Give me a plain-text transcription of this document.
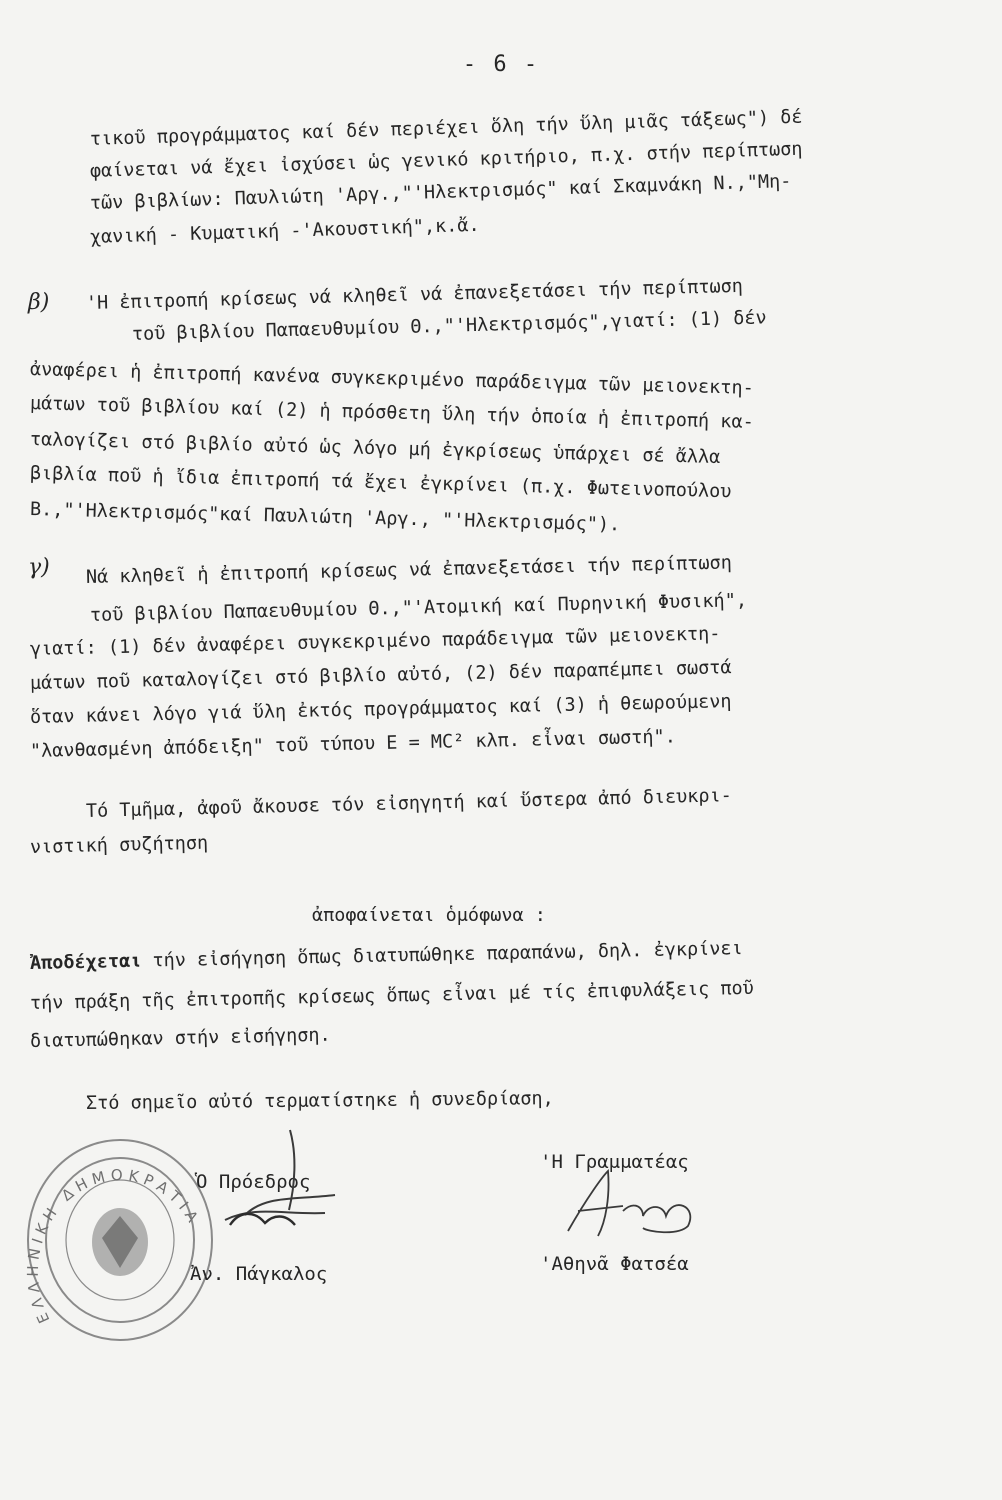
- 6 -
τικοῦ προγράμματος καί δέν περιέχει ὅλη τήν ὕλη μιᾶς τάξεως") δέ
φαίνεται νά ἔχει ἰσχύσει ὡς γενικό κριτήριο, π.χ. στήν περίπτωση
τῶν βιβλίων: Παυλιώτη 'Αργ.,"'Ηλεκτρισμός" καί Σκαμνάκη Ν.,"Μη-
χανική - Κυματική -'Ακουστική",κ.ἄ.
β) 'Η ἐπιτροπή κρίσεως νά κληθεῖ νά ἐπανεξετάσει τήν περίπτωση
τοῦ βιβλίου Παπαευθυμίου Θ.,"'Ηλεκτρισμός",γιατί: (1) δέν
ἀναφέρει ἡ ἐπιτροπή κανένα συγκεκριμένο παράδειγμα τῶν μειονεκτη-
μάτων τοῦ βιβλίου καί (2) ἡ πρόσθετη ὕλη τήν ὁποία ἡ ἐπιτροπή κα-
ταλογίζει στό βιβλίο αὐτό ὡς λόγο μή ἐγκρίσεως ὑπάρχει σέ ἄλλα
βιβλία ποῦ ἡ ἴδια ἐπιτροπή τά ἔχει ἐγκρίνει (π.χ. Φωτεινοπούλου
Β.,"'Ηλεκτρισμός"καί Παυλιώτη 'Αργ., "'Ηλεκτρισμός").
γ) Νά κληθεῖ ἡ ἐπιτροπή κρίσεως νά ἐπανεξετάσει τήν περίπτωση
τοῦ βιβλίου Παπαευθυμίου Θ.,"'Ατομική καί Πυρηνική Φυσική",
γιατί: (1) δέν ἀναφέρει συγκεκριμένο παράδειγμα τῶν μειονεκτη-
μάτων ποῦ καταλογίζει στό βιβλίο αὐτό, (2) δέν παραπέμπει σωστά
ὅταν κάνει λόγο γιά ὕλη ἐκτός προγράμματος καί (3) ἡ θεωρούμενη
"λανθασμένη ἀπόδειξη" τοῦ τύπου E = MC² κλπ. εἶναι σωστή".
Τό Τμῆμα, ἀφοῦ ἄκουσε τόν εἰσηγητή καί ὕστερα ἀπό διευκρι-
νιστική συζήτηση
ἀποφαίνεται ὁμόφωνα :
Ἀποδέχεται τήν εἰσήγηση ὅπως διατυπώθηκε παραπάνω, δηλ. ἐγκρίνει
τήν πράξη τῆς ἐπιτροπῆς κρίσεως ὅπως εἶναι μέ τίς ἐπιφυλάξεις ποῦ
διατυπώθηκαν στήν εἰσήγηση.
Στό σημεῖο αὐτό τερματίστηκε ἡ συνεδρίαση,
ΕΛΛΗΝΙΚΗ ΔΗΜΟΚΡΑΤΙΑ
Ὁ Πρόεδρος
Ἀν. Πάγκαλος
'Η Γραμματέας
'Αθηνᾶ Φατσέα
